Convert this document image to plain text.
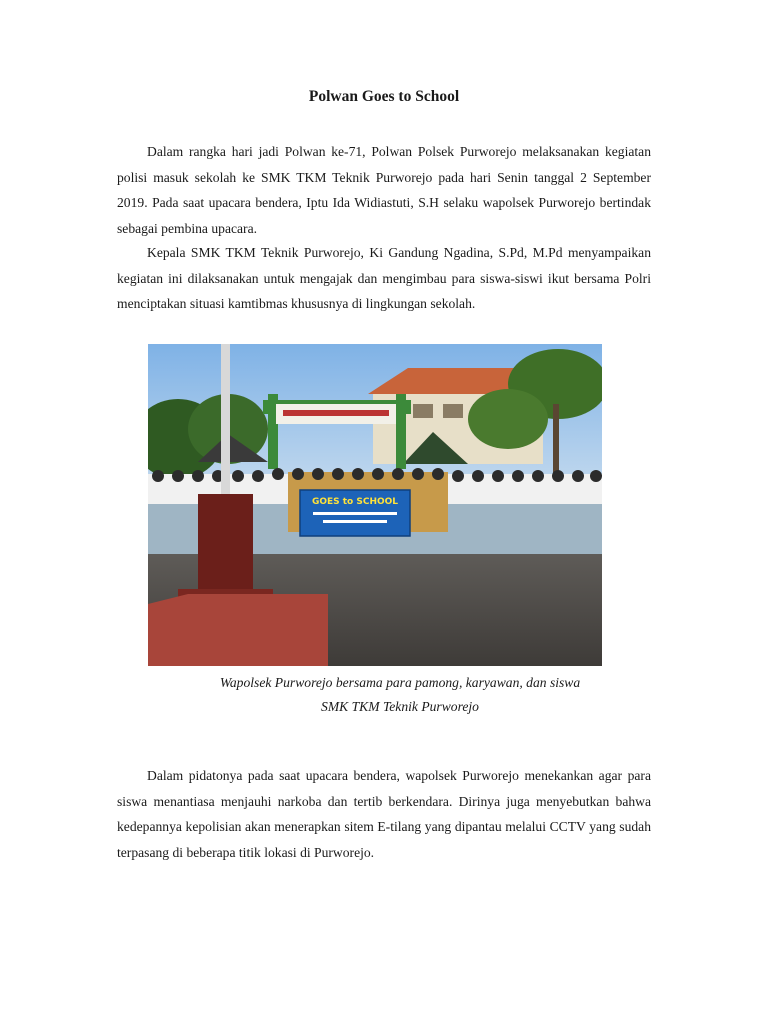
Polwan Goes to School

Dalam rangka hari jadi Polwan ke-71, Polwan Polsek Purworejo melaksanakan kegiatan polisi masuk sekolah ke SMK TKM Teknik Purworejo pada hari Senin tanggal 2 September 2019. Pada saat upacara bendera, Iptu Ida Widiastuti, S.H selaku wapolsek Purworejo bertindak sebagai pembina upacara.

Kepala SMK TKM Teknik Purworejo, Ki Gandung Ngadina, S.Pd, M.Pd menyampaikan kegiatan ini dilaksanakan untuk mengajak dan mengimbau para siswa-siswi ikut bersama Polri menciptakan situasi kamtibmas khususnya di lingkungan sekolah.

GOES to SCHOOL

Wapolsek Purworejo bersama para pamong, karyawan, dan siswa

SMK TKM Teknik Purworejo

Dalam pidatonya pada saat upacara bendera, wapolsek Purworejo menekankan agar para siswa menantiasa menjauhi narkoba dan tertib berkendara. Dirinya juga menyebutkan bahwa kedepannya kepolisian akan menerapkan sitem E-tilang yang dipantau melalui CCTV yang sudah terpasang di beberapa titik lokasi di Purworejo.
